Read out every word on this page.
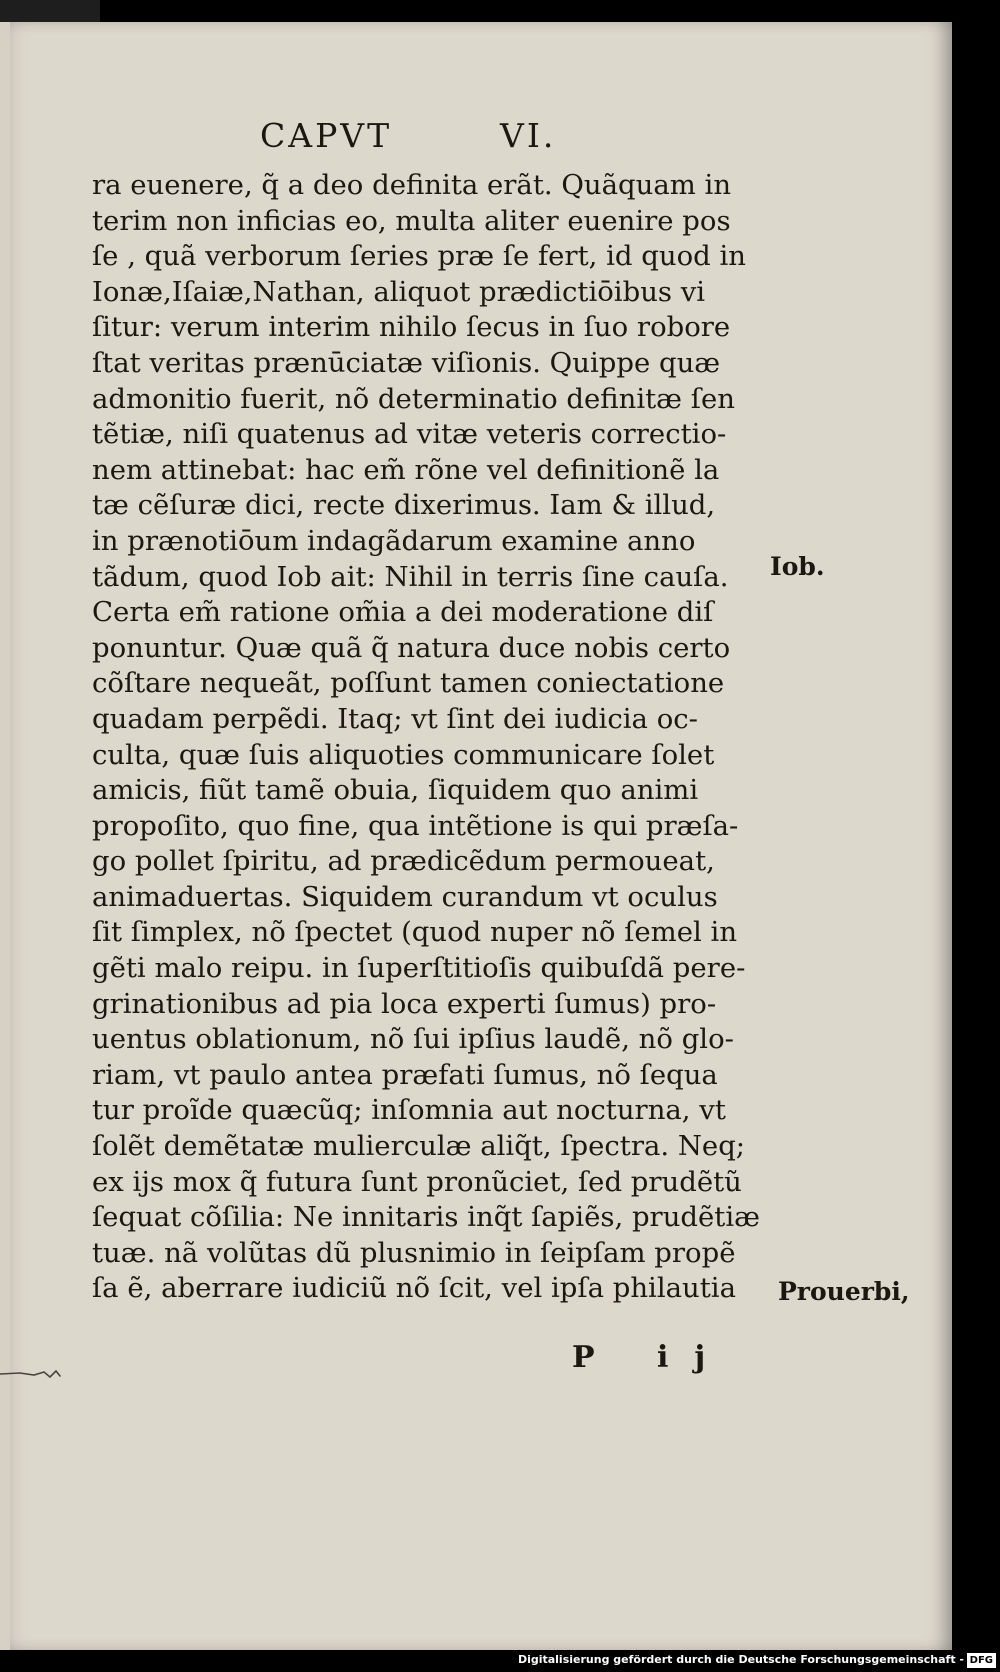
CAPVT        VI.
ra euenere, q̃ a deo definita erãt. Quãquam in
terim non inficias eo, multa aliter euenire pos
ſe , quã verborum ſeries præ ſe fert, id quod in
Ionæ,Iſaiæ,Nathan, aliquot prædictiōibus vi
ſitur: verum interim nihilo ſecus in ſuo robore
ſtat veritas prænūciatæ viſionis. Quippe quæ
admonitio fuerit, nõ determinatio definitæ ſen
tẽtiæ, niſi quatenus ad vitæ veteris correctio-
nem attinebat: hac em̃ rõne vel definitionẽ la
tæ cẽſuræ dici, recte dixerimus. Iam & illud,
in prænotiōum indagãdarum examine anno
tãdum, quod Iob ait: Nihil in terris ſine cauſa.
Certa em̃ ratione om̃ia a dei moderatione diſ
ponuntur. Quæ quã q̃ natura duce nobis certo
cõſtare nequeãt, poſſunt tamen coniectatione
quadam perpẽdi. Itaq; vt ſint dei iudicia oc-
culta, quæ ſuis aliquoties communicare ſolet
amicis, fiũt tamẽ obuia, ſiquidem quo animi
propoſito, quo fine, qua intẽtione is qui præſa-
go pollet ſpiritu, ad prædicẽdum permoueat,
animaduertas. Siquidem curandum vt oculus
ſit ſimplex, nõ ſpectet (quod nuper nõ ſemel in
gẽti malo reipu. in ſuperſtitioſis quibuſdã pere-
grinationibus ad pia loca experti ſumus) pro-
uentus oblationum, nõ ſui ipſius laudẽ, nõ glo-
riam, vt paulo antea præfati ſumus, nõ ſequa
tur proĩde quæcũq; inſomnia aut nocturna, vt
ſolẽt demẽtatæ mulierculæ aliq̃t, ſpectra. Neq;
ex ijs mox q̃ futura ſunt pronũciet, ſed prudẽtũ
ſequat cõſilia: Ne innitaris inq̃t ſapiẽs, prudẽtiæ
tuæ. nã volũtas dũ plusnimio in ſeipſam propẽ
ſa ẽ, aberrare iudiciũ nõ ſcit, vel ipſa philautia
Iob.
Prouerbi,
P ij
Digitalisierung gefördert durch die Deutsche Forschungsgemeinschaft - DFG
